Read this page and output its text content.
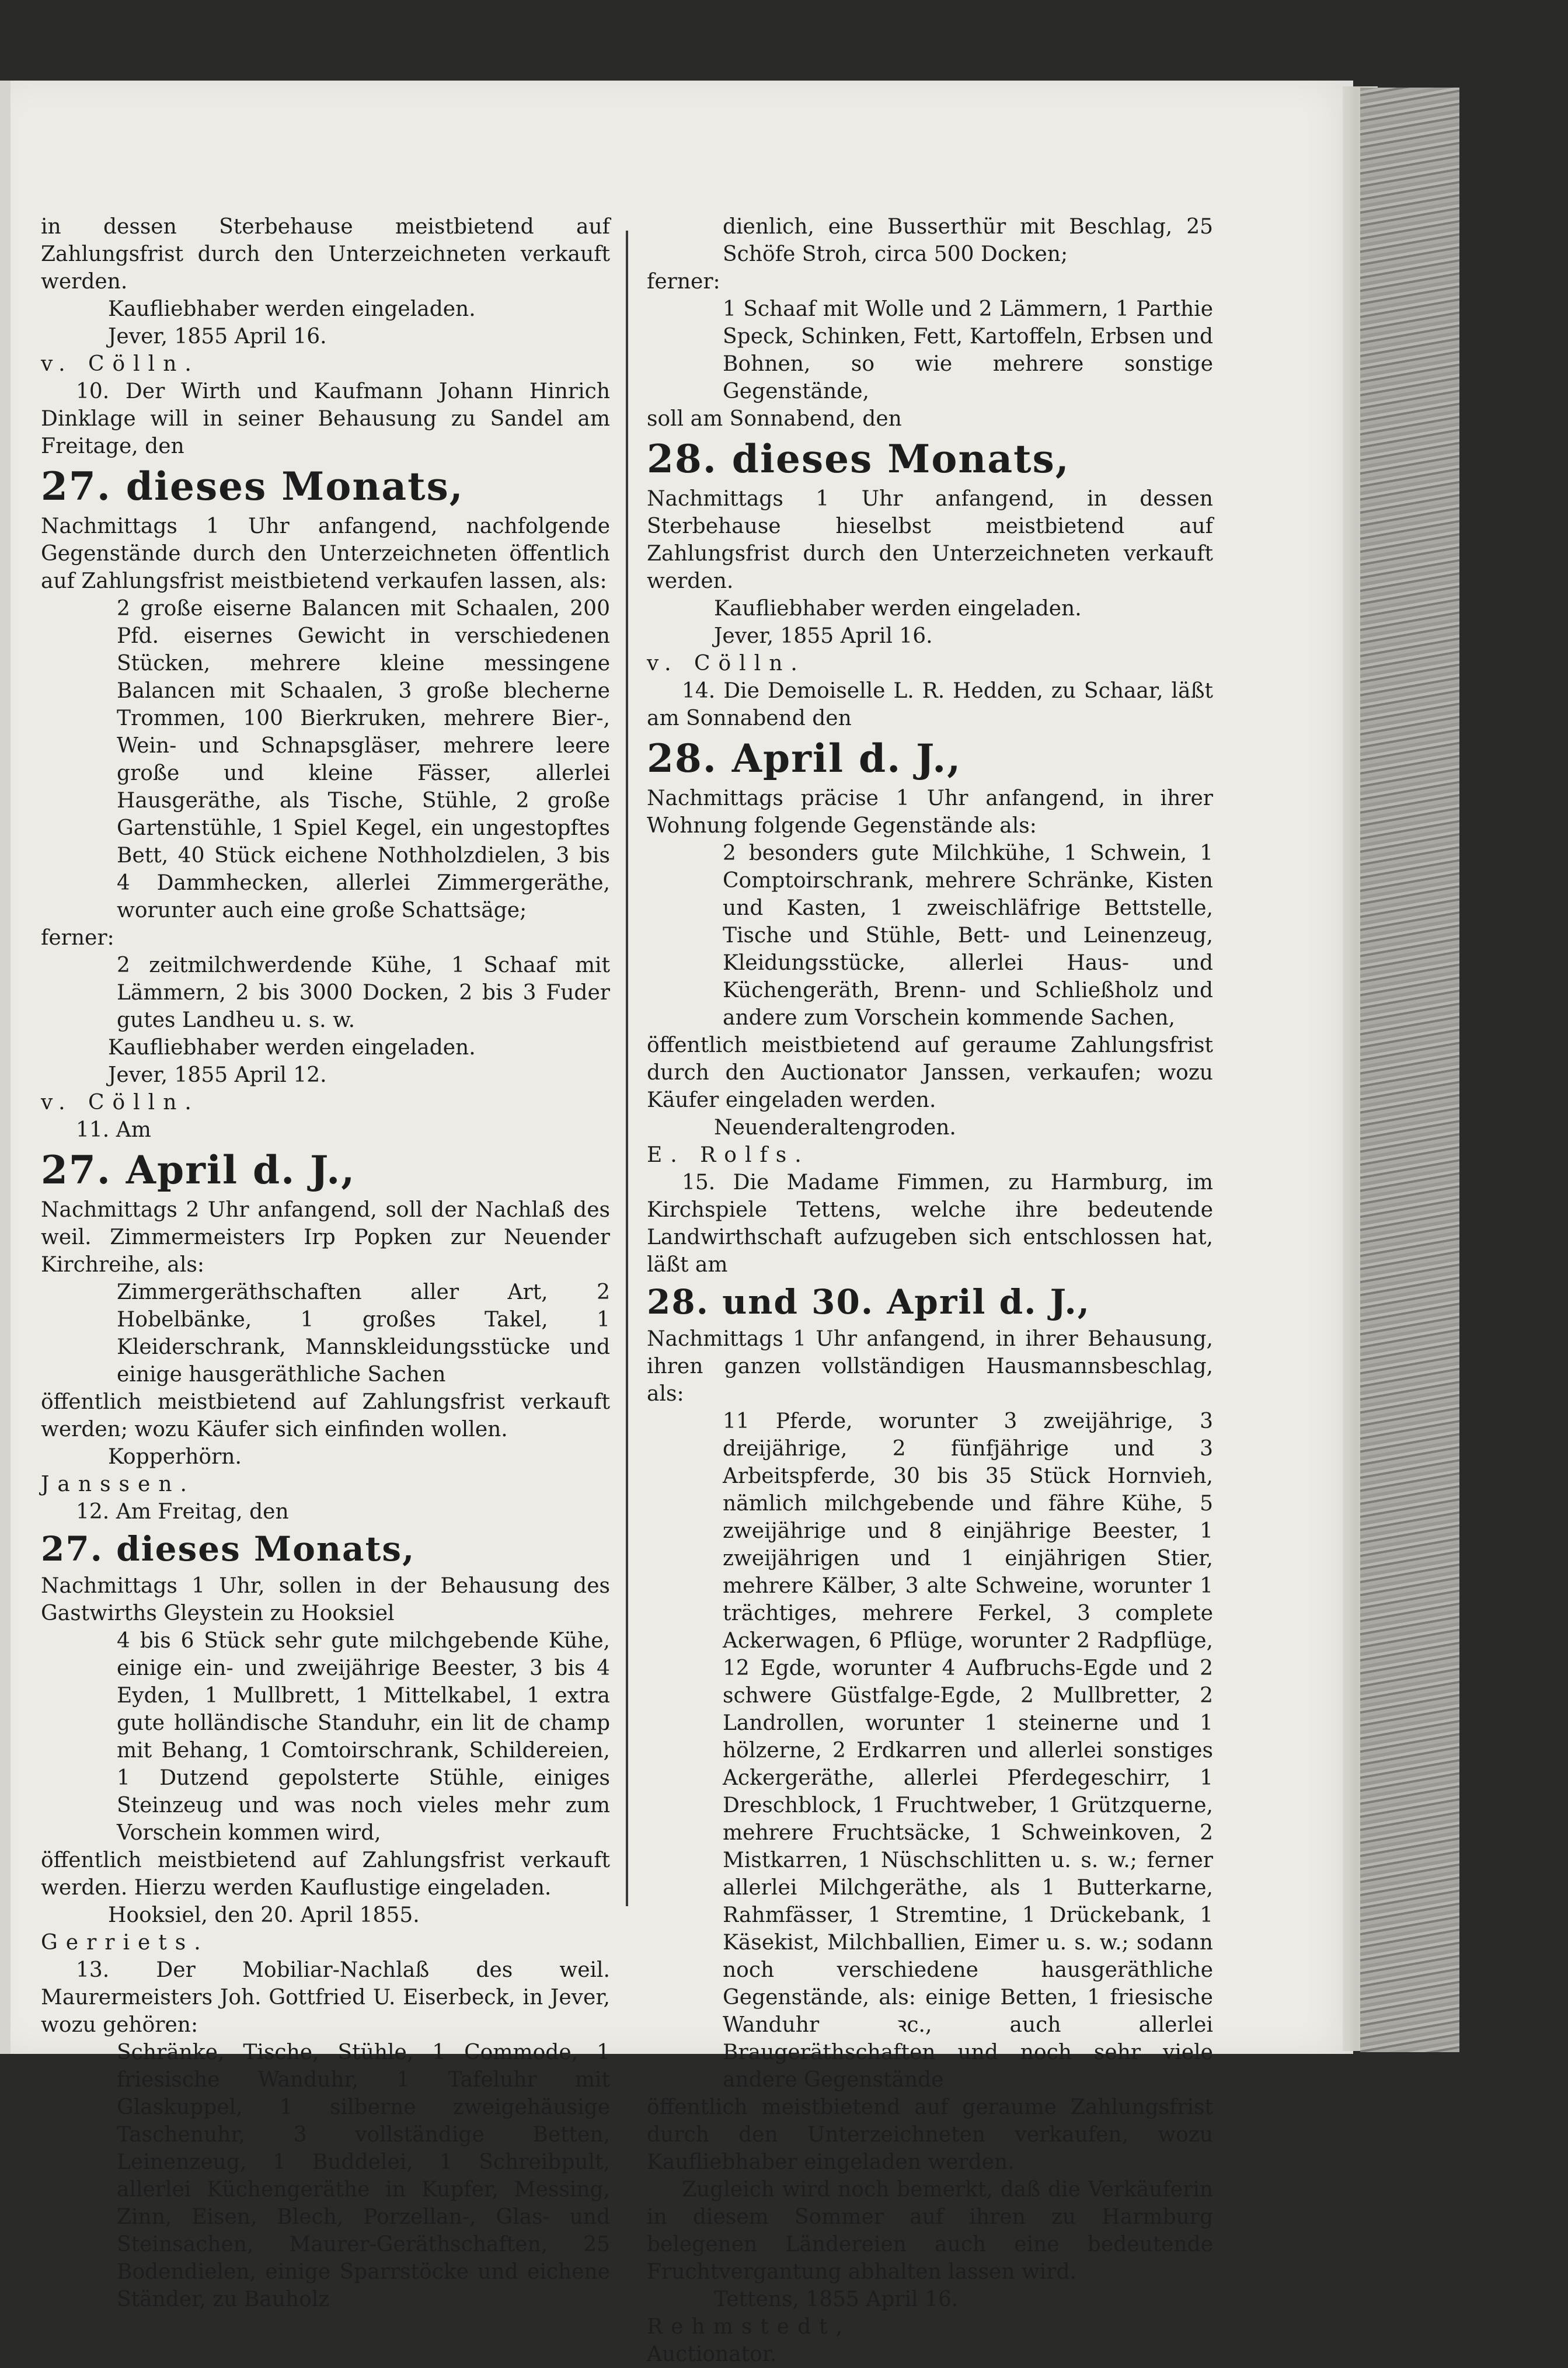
in dessen Sterbehause meistbietend auf Zahlungsfrist durch den Unterzeichneten verkauft werden.

Kaufliebhaber werden eingeladen.

Jever, 1855 April 16.

v. Cölln.

10. Der Wirth und Kaufmann Johann Hinrich Dinklage will in seiner Behausung zu Sandel am Freitage, den

27. dieses Monats,

Nachmittags 1 Uhr anfangend, nachfolgende Gegenstände durch den Unterzeichneten öffentlich auf Zahlungsfrist meistbietend verkaufen lassen, als:

2 große eiserne Balancen mit Schaalen, 200 Pfd. eisernes Gewicht in verschiedenen Stücken, mehrere kleine messingene Balancen mit Schaalen, 3 große blecherne Trommen, 100 Bierkruken, mehrere Bier-, Wein- und Schnapsgläser, mehrere leere große und kleine Fässer, allerlei Hausgeräthe, als Tische, Stühle, 2 große Gartenstühle, 1 Spiel Kegel, ein ungestopftes Bett, 40 Stück eichene Nothholzdielen, 3 bis 4 Dammhecken, allerlei Zimmergeräthe, worunter auch eine große Schattsäge;

ferner:

2 zeitmilchwerdende Kühe, 1 Schaaf mit Lämmern, 2 bis 3000 Docken, 2 bis 3 Fuder gutes Landheu u. s. w.

Kaufliebhaber werden eingeladen.

Jever, 1855 April 12.

v. Cölln.

11. Am

27. April d. J.,

Nachmittags 2 Uhr anfangend, soll der Nachlaß des weil. Zimmermeisters Irp Popken zur Neuender Kirchreihe, als:

Zimmergeräthschaften aller Art, 2 Hobelbänke, 1 großes Takel, 1 Kleiderschrank, Mannskleidungsstücke und einige hausgeräthliche Sachen

öffentlich meistbietend auf Zahlungsfrist verkauft werden; wozu Käufer sich einfinden wollen.

Kopperhörn.

Janssen.

12. Am Freitag, den

27. dieses Monats,

Nachmittags 1 Uhr, sollen in der Behausung des Gastwirths Gleystein zu Hooksiel

4 bis 6 Stück sehr gute milchgebende Kühe, einige ein- und zweijährige Beester, 3 bis 4 Eyden, 1 Mullbrett, 1 Mittelkabel, 1 extra gute holländische Standuhr, ein lit de champ mit Behang, 1 Comtoirschrank, Schildereien, 1 Dutzend gepolsterte Stühle, einiges Steinzeug und was noch vieles mehr zum Vorschein kommen wird,

öffentlich meistbietend auf Zahlungsfrist verkauft werden. Hierzu werden Kauflustige eingeladen.

Hooksiel, den 20. April 1855.

Gerriets.

13. Der Mobiliar-Nachlaß des weil. Maurermeisters Joh. Gottfried U. Eiserbeck, in Jever, wozu gehören:

Schränke, Tische, Stühle, 1 Commode, 1 friesische Wanduhr, 1 Tafeluhr mit Glaskuppel, 1 silberne zweigehäusige Taschenuhr, 3 vollständige Betten, Leinenzeug, 1 Buddelei, 1 Schreibpult, allerlei Küchengeräthe in Kupfer, Messing, Zinn, Eisen, Blech, Porzellan-, Glas- und Steinsachen, Maurer-Geräthschaften, 25 Bodendielen, einige Sparrstöcke und eichene Ständer, zu Bauholz

dienlich, eine Busserthür mit Beschlag, 25 Schöfe Stroh, circa 500 Docken;

ferner:

1 Schaaf mit Wolle und 2 Lämmern, 1 Parthie Speck, Schinken, Fett, Kartoffeln, Erbsen und Bohnen, so wie mehrere sonstige Gegenstände,

soll am Sonnabend, den

28. dieses Monats,

Nachmittags 1 Uhr anfangend, in dessen Sterbehause hieselbst meistbietend auf Zahlungsfrist durch den Unterzeichneten verkauft werden.

Kaufliebhaber werden eingeladen.

Jever, 1855 April 16.

v. Cölln.

14. Die Demoiselle L. R. Hedden, zu Schaar, läßt am Sonnabend den

28. April d. J.,

Nachmittags präcise 1 Uhr anfangend, in ihrer Wohnung folgende Gegenstände als:

2 besonders gute Milchkühe, 1 Schwein, 1 Comptoirschrank, mehrere Schränke, Kisten und Kasten, 1 zweischläfrige Bettstelle, Tische und Stühle, Bett- und Leinenzeug, Kleidungsstücke, allerlei Haus- und Küchengeräth, Brenn- und Schließholz und andere zum Vorschein kommende Sachen,

öffentlich meistbietend auf geraume Zahlungsfrist durch den Auctionator Janssen, verkaufen; wozu Käufer eingeladen werden.

Neuenderaltengroden.

E. Rolfs.

15. Die Madame Fimmen, zu Harmburg, im Kirchspiele Tettens, welche ihre bedeutende Landwirthschaft aufzugeben sich entschlossen hat, läßt am

28. und 30. April d. J.,

Nachmittags 1 Uhr anfangend, in ihrer Behausung, ihren ganzen vollständigen Hausmannsbeschlag, als:

11 Pferde, worunter 3 zweijährige, 3 dreijährige, 2 fünfjährige und 3 Arbeitspferde, 30 bis 35 Stück Hornvieh, nämlich milchgebende und fähre Kühe, 5 zweijährige und 8 einjährige Beester, 1 zweijährigen und 1 einjährigen Stier, mehrere Kälber, 3 alte Schweine, worunter 1 trächtiges, mehrere Ferkel, 3 complete Ackerwagen, 6 Pflüge, worunter 2 Radpflüge, 12 Egde, worunter 4 Aufbruchs-Egde und 2 schwere Güstfalge-Egde, 2 Mullbretter, 2 Landrollen, worunter 1 steinerne und 1 hölzerne, 2 Erdkarren und allerlei sonstiges Ackergeräthe, allerlei Pferdegeschirr, 1 Dreschblock, 1 Fruchtweber, 1 Grützquerne, mehrere Fruchtsäcke, 1 Schweinkoven, 2 Mistkarren, 1 Nüschschlitten u. s. w.; ferner allerlei Milchgeräthe, als 1 Butterkarne, Rahmfässer, 1 Stremtine, 1 Drückebank, 1 Käsekist, Milchballien, Eimer u. s. w.; sodann noch verschiedene hausgeräthliche Gegenstände, als: einige Betten, 1 friesische Wanduhr ꝛc., auch allerlei Braugeräthschaften und noch sehr viele andere Gegenstände

öffentlich meistbietend auf geraume Zahlungsfrist durch den Unterzeichneten verkaufen, wozu Kaufliebhaber eingeladen werden.

Zugleich wird noch bemerkt, daß die Verkäuferin in diesem Sommer auf ihren zu Harmburg belegenen Ländereien auch eine bedeutende Fruchtvergantung abhalten lassen wird.

Tettens, 1855 April 16.

Rehmstedt,

Auctionator.
